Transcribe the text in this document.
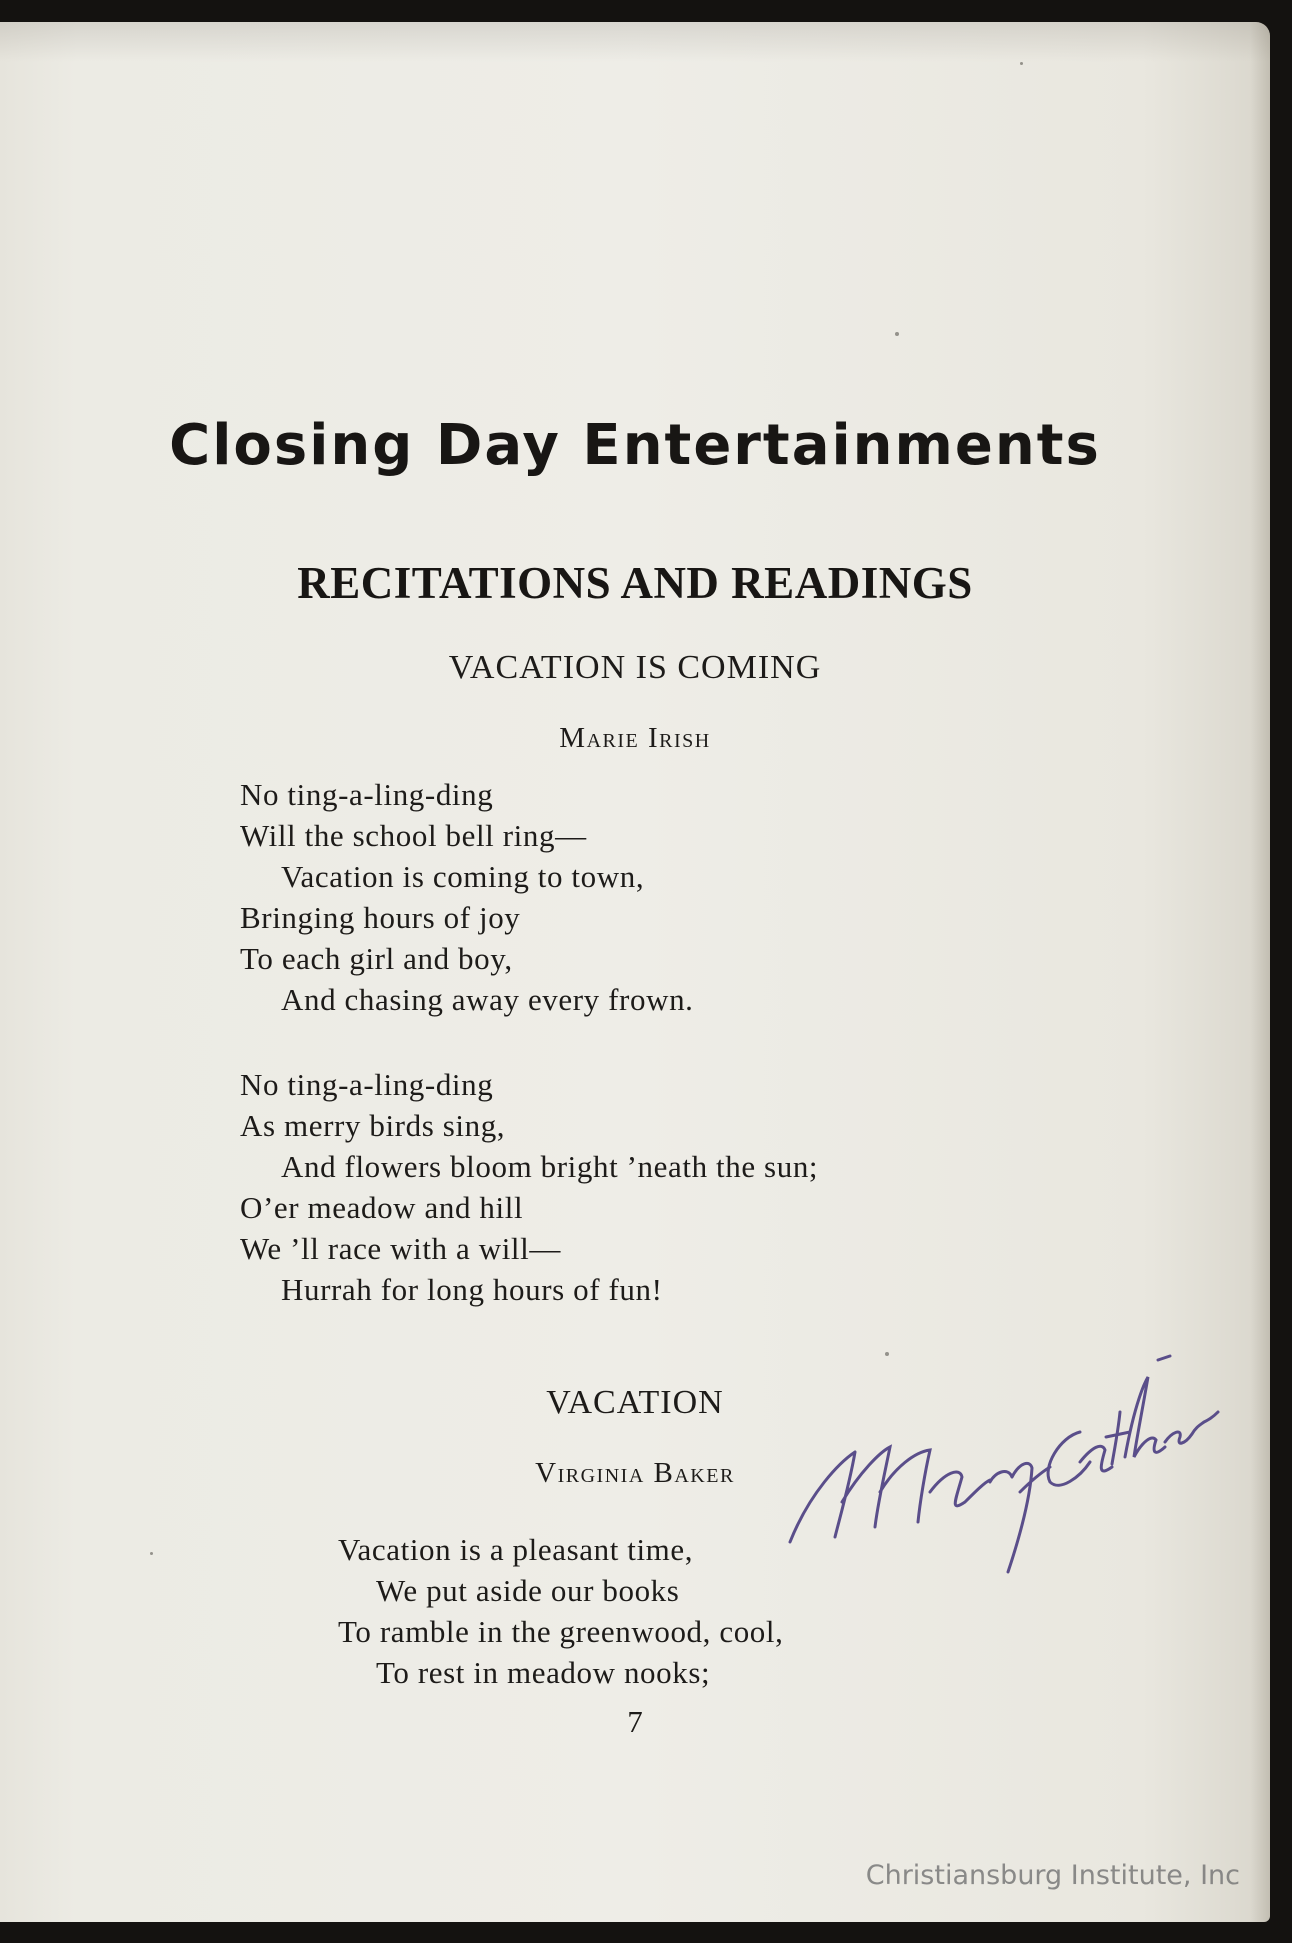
Closing Day Entertainments
RECITATIONS AND READINGS
VACATION IS COMING
Marie Irish
No ting-a-ling-ding
Will the school bell ring—
Vacation is coming to town,
Bringing hours of joy
To each girl and boy,
And chasing away every frown.
No ting-a-ling-ding
As merry birds sing,
And flowers bloom bright ’neath the sun;
O’er meadow and hill
We ’ll race with a will—
Hurrah for long hours of fun!
VACATION
Virginia Baker
Vacation is a pleasant time,
We put aside our books
To ramble in the greenwood, cool,
To rest in meadow nooks;
7
Christiansburg Institute, Inc
